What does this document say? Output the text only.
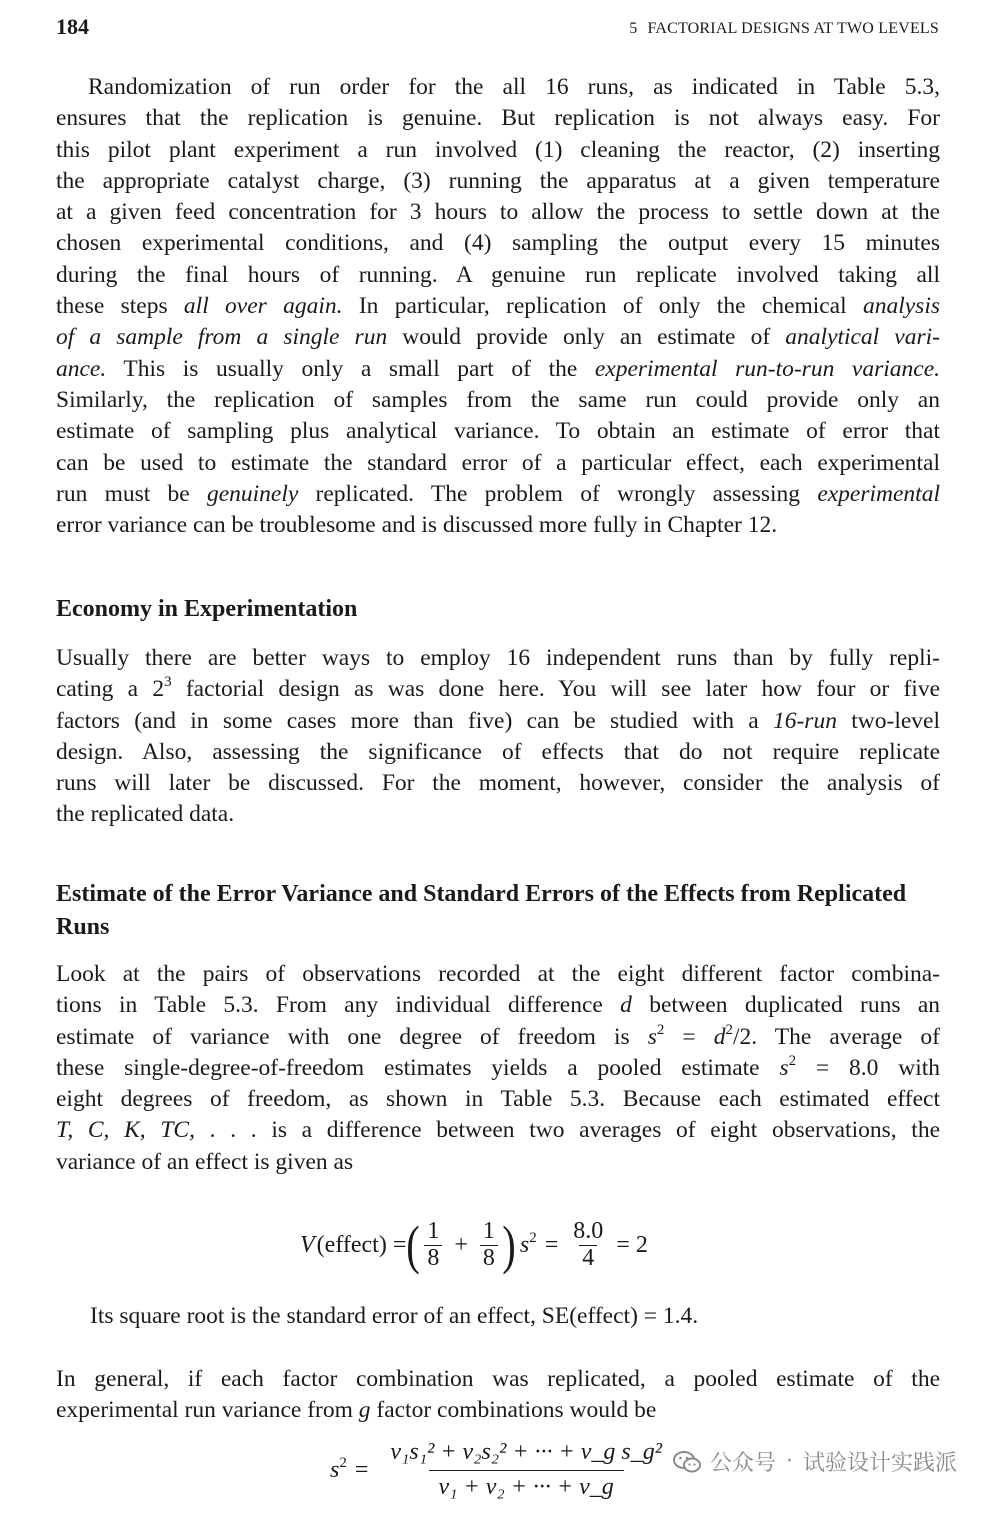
184	5 FACTORIAL DESIGNS AT TWO LEVELS
Randomization of run order for the all 16 runs, as indicated in Table 5.3,
ensures that the replication is genuine. But replication is not always easy. For
this pilot plant experiment a run involved (1) cleaning the reactor, (2) inserting
the appropriate catalyst charge, (3) running the apparatus at a given temperature
at a given feed concentration for 3 hours to allow the process to settle down at the
chosen experimental conditions, and (4) sampling the output every 15 minutes
during the final hours of running. A genuine run replicate involved taking all
these steps all over again. In particular, replication of only the chemical analysis
of a sample from a single run would provide only an estimate of analytical vari-
ance. This is usually only a small part of the experimental run-to-run variance.
Similarly, the replication of samples from the same run could provide only an
estimate of sampling plus analytical variance. To obtain an estimate of error that
can be used to estimate the standard error of a particular effect, each experimental
run must be genuinely replicated. The problem of wrongly assessing experimental
error variance can be troublesome and is discussed more fully in Chapter 12.
Economy in Experimentation
Usually there are better ways to employ 16 independent runs than by fully repli-
cating a $2^3$ factorial design as was done here. You will see later how four or five
factors (and in some cases more than five) can be studied with a 16-run two-level
design. Also, assessing the significance of effects that do not require replicate
runs will later be discussed. For the moment, however, consider the analysis of
the replicated data.
Estimate of the Error Variance and Standard Errors of the Effects from Replicated Runs
Look at the pairs of observations recorded at the eight different factor combina-
tions in Table 5.3. From any individual difference d between duplicated runs an
estimate of variance with one degree of freedom is $s^2 = d^2/2$. The average of
these single-degree-of-freedom estimates yields a pooled estimate $s^2 = 8.0$ with
eight degrees of freedom, as shown in Table 5.3. Because each estimated effect
T, C, K, TC, . . . is a difference between two averages of eight observations, the
variance of an effect is given as
V (effect) = ( $\frac{1}{8} + \frac{1}{8}$ ) $s^2 = \frac{8.0}{4} = 2$
Its square root is the standard error of an effect, SE(effect) = 1.4.
In general, if each factor combination was replicated, a pooled estimate of the
experimental run variance from g factor combinations would be
$s^2 = \frac{\text{ν₁s₁² + ν₂s₂² + ··· + ν\_g s\_g²}}{\text{ν₁ + ν₂ + ··· + ν\_g}}$ 公众号 · 试验设计实践派
